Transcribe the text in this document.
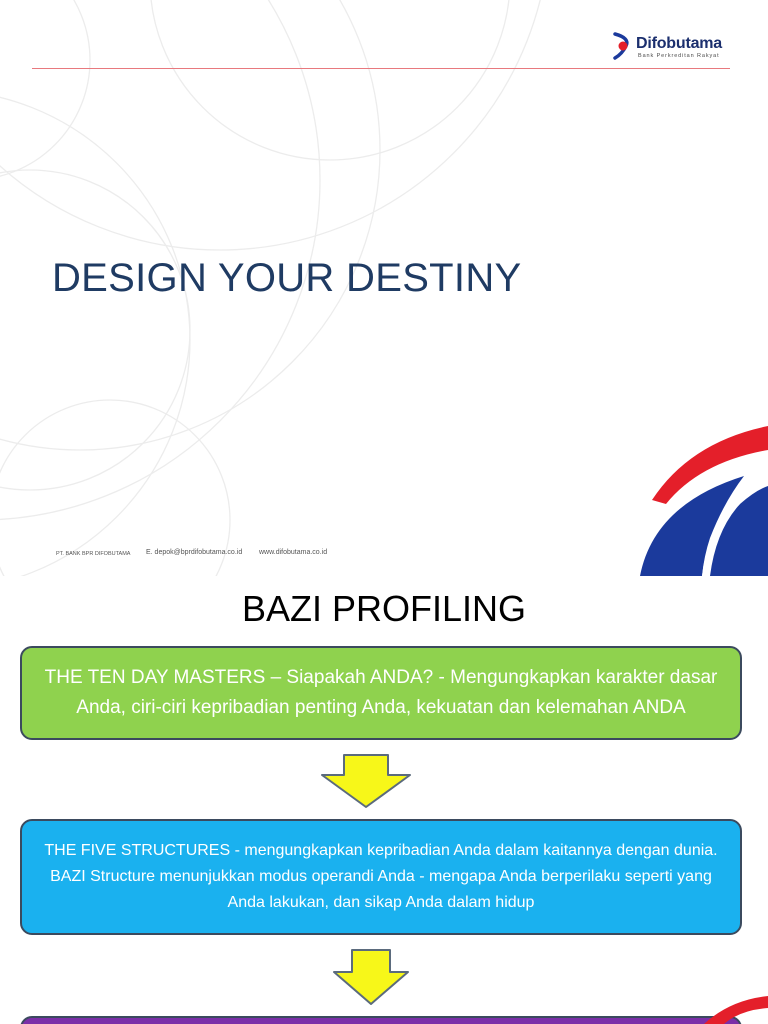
Difobutama
Bank Perkreditan Rakyat
DESIGN YOUR DESTINY
PT. BANK BPR DIFOBUTAMA E. depok@bprdifobutama.co.id www.difobutama.co.id
BAZI PROFILING
THE TEN DAY MASTERS – Siapakah ANDA? - Mengungkapkan karakter dasar Anda, ciri-ciri kepribadian penting Anda, kekuatan dan kelemahan ANDA
THE FIVE STRUCTURES - mengungkapkan kepribadian Anda dalam kaitannya dengan dunia. BAZI Structure menunjukkan modus operandi Anda - mengapa Anda berperilaku seperti yang Anda lakukan, dan sikap Anda dalam hidup
